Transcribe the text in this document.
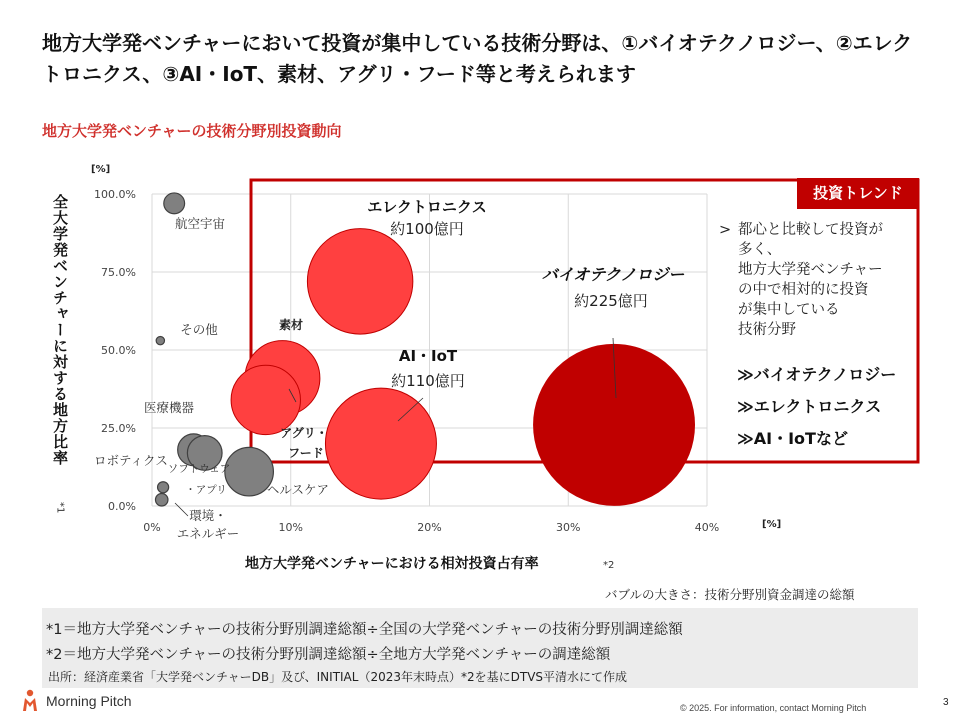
地方大学発ベンチャーにおいて投資が集中している技術分野は、①バイオテクノロジー、②エレクトロニクス、③AI・IoT、素材、アグリ・フード等と考えられます
地方大学発ベンチャーの技術分野別投資動向
0%	10%	20%	30%	40%
0.0%
25.0%
50.0%
75.0%
100.0%
[%]
[%]
地方大学発ベンチャーにおける相対投資占有率	*2
全大学発ベンチャーに対する地方比率
*1
航空宇宙
その他
医療機器
ソフトウェア
・アプリ
ロボティクス
環境・
エネルギー
ヘルスケア
エレクトロニクス
約100億円
素材
アグリ・
フード
AI・IoT
約110億円
バイオテクノロジー
約225億円
投資トレンド
> 都心と比較して投資が
多く、
地方大学発ベンチャー
の中で相対的に投資
が集中している
技術分野
≫バイオテクノロジー
≫エレクトロニクス
≫AI・IoTなど
バブルの大きさ：技術分野別資金調達の総額
*1＝地方大学発ベンチャーの技術分野別調達総額÷全国の大学発ベンチャーの技術分野別調達総額
*2＝地方大学発ベンチャーの技術分野別調達総額÷全地方大学発ベンチャーの調達総額
出所：経済産業省「大学発ベンチャーDB」及び、INITIAL（2023年末時点）*2を基にDTVS平清水にて作成
Morning Pitch	© 2025. For information, contact Morning Pitch	3
